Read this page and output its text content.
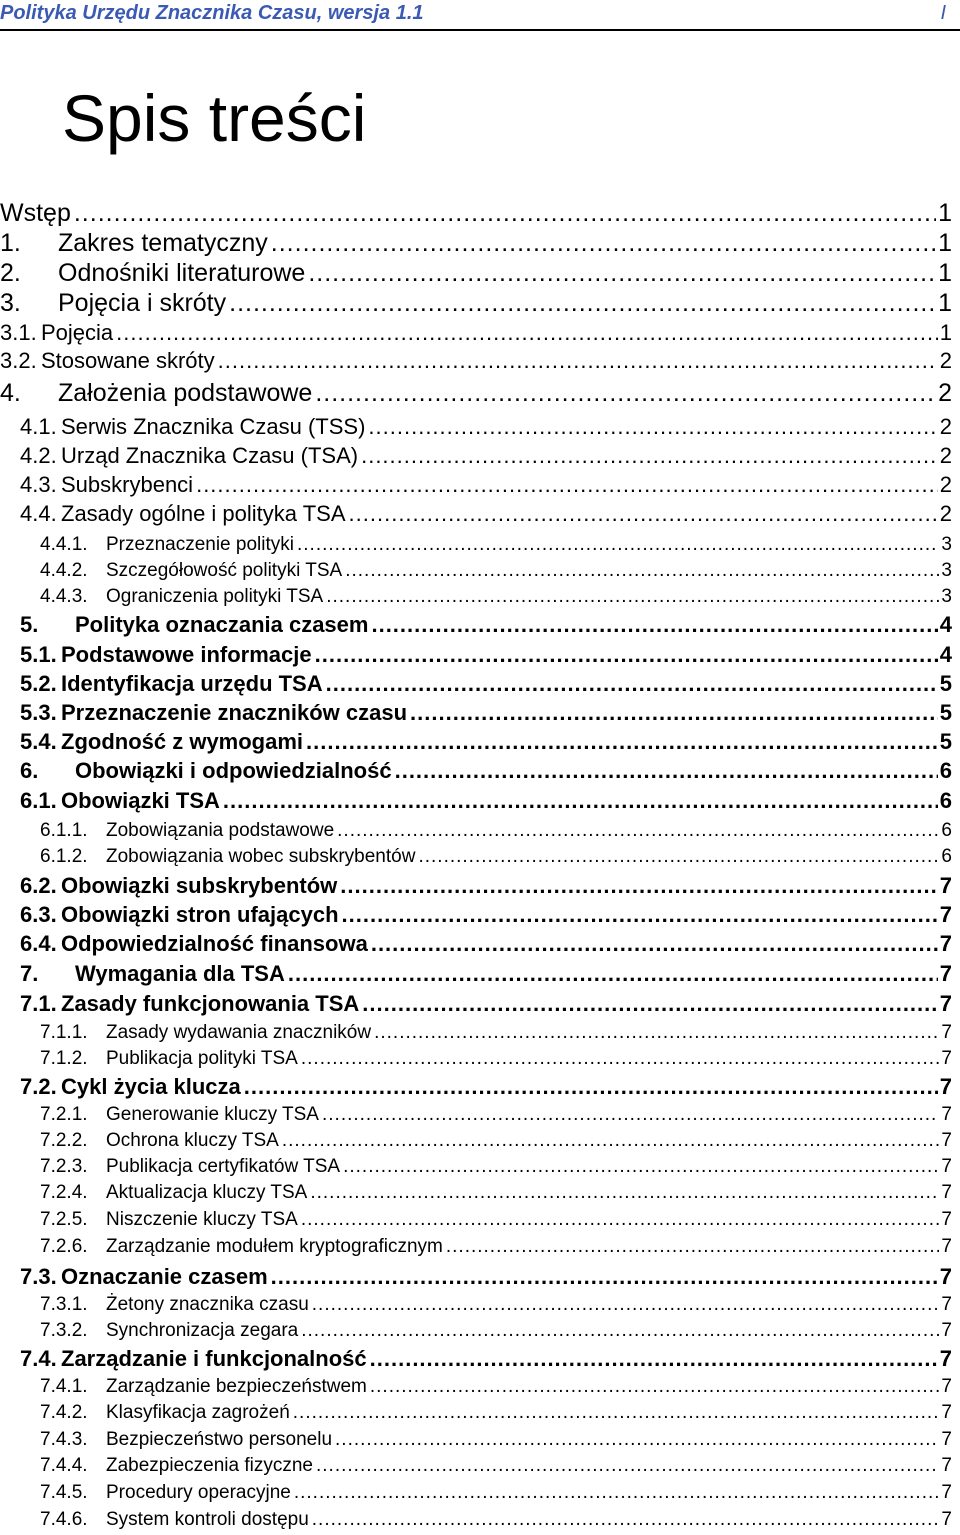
Polityka Urzędu Znacznika Czasu, wersja 1.1	I
Spis treści
Wstęp .....	1
1.	Zakres tematyczny .....	1
2.	Odnośniki literaturowe .....	1
3.	Pojęcia i skróty .....	1
3.1. Pojęcia .....	1
3.2. Stosowane skróty .....	2
4.	Założenia podstawowe .....	2
4.1. Serwis Znacznika Czasu (TSS) .....	2
4.2. Urząd Znacznika Czasu (TSA) .....	2
4.3. Subskrybenci .....	2
4.4. Zasady ogólne i polityka TSA .....	2
4.4.1. Przeznaczenie polityki .....	3
4.4.2. Szczegółowość polityki TSA .....	3
4.4.3. Ograniczenia polityki TSA .....	3
5.	Polityka oznaczania czasem .....	4
5.1. Podstawowe informacje .....	4
5.2. Identyfikacja urzędu TSA .....	5
5.3. Przeznaczenie znaczników czasu .....	5
5.4. Zgodność z wymogami .....	5
6.	Obowiązki i odpowiedzialność .....	6
6.1. Obowiązki TSA .....	6
6.1.1. Zobowiązania podstawowe .....	6
6.1.2. Zobowiązania wobec subskrybentów .....	6
6.2. Obowiązki subskrybentów .....	7
6.3. Obowiązki stron ufających .....	7
6.4. Odpowiedzialność finansowa .....	7
7.	Wymagania dla TSA .....	7
7.1. Zasady funkcjonowania TSA .....	7
7.1.1. Zasady wydawania znaczników .....	7
7.1.2. Publikacja polityki TSA .....	7
7.2. Cykl życia klucza .....	7
7.2.1. Generowanie kluczy TSA .....	7
7.2.2. Ochrona kluczy TSA .....	7
7.2.3. Publikacja certyfikatów TSA .....	7
7.2.4. Aktualizacja kluczy TSA .....	7
7.2.5. Niszczenie kluczy TSA .....	7
7.2.6. Zarządzanie modułem kryptograficznym .....	7
7.3. Oznaczanie czasem .....	7
7.3.1. Żetony znacznika czasu .....	7
7.3.2. Synchronizacja zegara .....	7
7.4. Zarządzanie i funkcjonalność .....	7
7.4.1. Zarządzanie bezpieczeństwem .....	7
7.4.2. Klasyfikacja zagrożeń .....	7
7.4.3. Bezpieczeństwo personelu .....	7
7.4.4. Zabezpieczenia fizyczne .....	7
7.4.5. Procedury operacyjne .....	7
7.4.6. System kontroli dostępu .....	7
